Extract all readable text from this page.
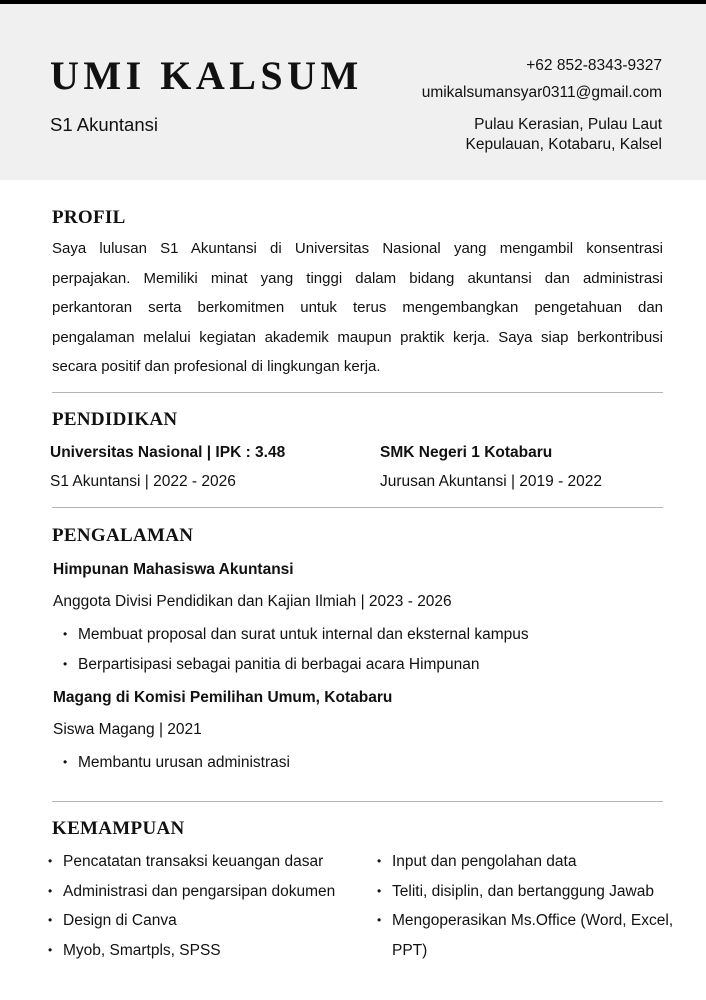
UMI KALSUM
S1 Akuntansi
+62 852-8343-9327
umikalsumansyar0311@gmail.com
Pulau Kerasian, Pulau Laut
Kepulauan, Kotabaru, Kalsel
PROFIL

Saya lulusan S1 Akuntansi di Universitas Nasional yang mengambil konsentrasi perpajakan. Memiliki minat yang tinggi dalam bidang akuntansi dan administrasi perkantoran serta berkomitmen untuk terus mengembangkan pengetahuan dan pengalaman melalui kegiatan akademik maupun praktik kerja. Saya siap berkontribusi secara positif dan profesional di lingkungan kerja.

PENDIDIKAN
Universitas Nasional | IPK : 3.48
S1 Akuntansi | 2022 - 2026
SMK Negeri 1 Kotabaru
Jurusan Akuntansi | 2019 - 2022
PENGALAMAN
Himpunan Mahasiswa Akuntansi
Anggota Divisi Pendidikan dan Kajian Ilmiah | 2023 - 2026
• Membuat proposal dan surat untuk internal dan eksternal kampus
• Berpartisipasi sebagai panitia di berbagai acara Himpunan
Magang di Komisi Pemilihan Umum, Kotabaru
Siswa Magang | 2021
• Membantu urusan administrasi
KEMAMPUAN
• Pencatatan transaksi keuangan dasar
• Administrasi dan pengarsipan dokumen
• Design di Canva
• Myob, Smartpls, SPSS
• Input dan pengolahan data
• Teliti, disiplin, dan bertanggung Jawab
• Mengoperasikan Ms.Office (Word, Excel, PPT)
